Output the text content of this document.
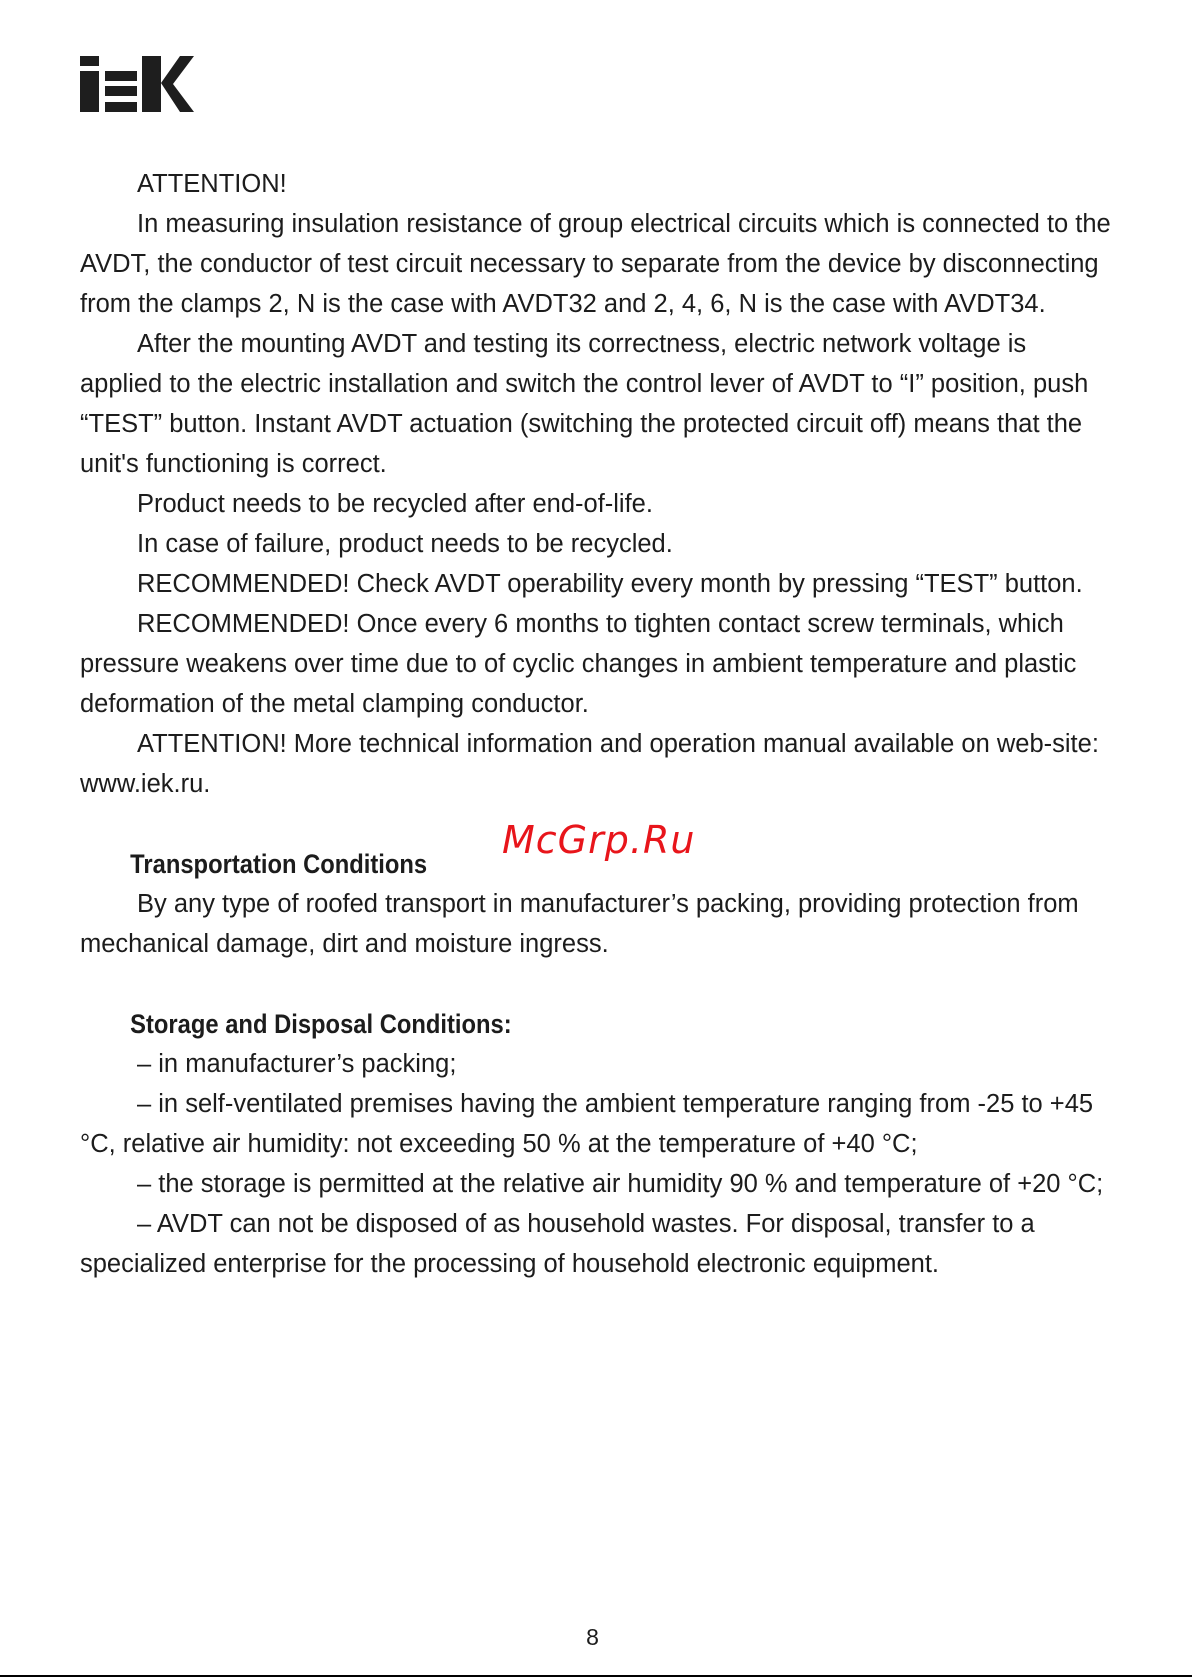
ATTENTION!

In measuring insulation resistance of group electrical circuits which is connected to the AVDT, the conductor of test circuit necessary to separate from the device by disconnecting from the clamps 2, N is the case with AVDT32 and 2, 4, 6, N is the case with AVDT34.

After the mounting AVDT and testing its correctness, electric network voltage is applied to the electric installation and switch the control lever of AVDT to “I” position, push “TEST” button. Instant AVDT actuation (switching the protected circuit off) means that the unit's functioning is correct.

Product needs to be recycled after end-of-life.

In case of failure, product needs to be recycled.

RECOMMENDED! Check AVDT operability every month by pressing “TEST” button.

RECOMMENDED! Once every 6 months to tighten contact screw terminals, which pressure weakens over time due to of cyclic changes in ambient temperature and plastic deformation of the metal clamping conductor.

ATTENTION! More technical information and operation manual available on web-site: www.iek.ru.

Transportation Conditions

By any type of roofed transport in manufacturer’s packing, providing protection from mechanical damage, dirt and moisture ingress.

Storage and Disposal Conditions:

– in manufacturer’s packing;

– in self-ventilated premises having the ambient temperature ranging from -25 to +45 °C, relative air humidity: not exceeding 50 % at the temperature of +40 °C;

– the storage is permitted at the relative air humidity 90 % and temperature of +20 °C;

– AVDT can not be disposed of as household wastes. For disposal, transfer to a specialized enterprise for the processing of household electronic equipment.

McGrp.Ru
8
